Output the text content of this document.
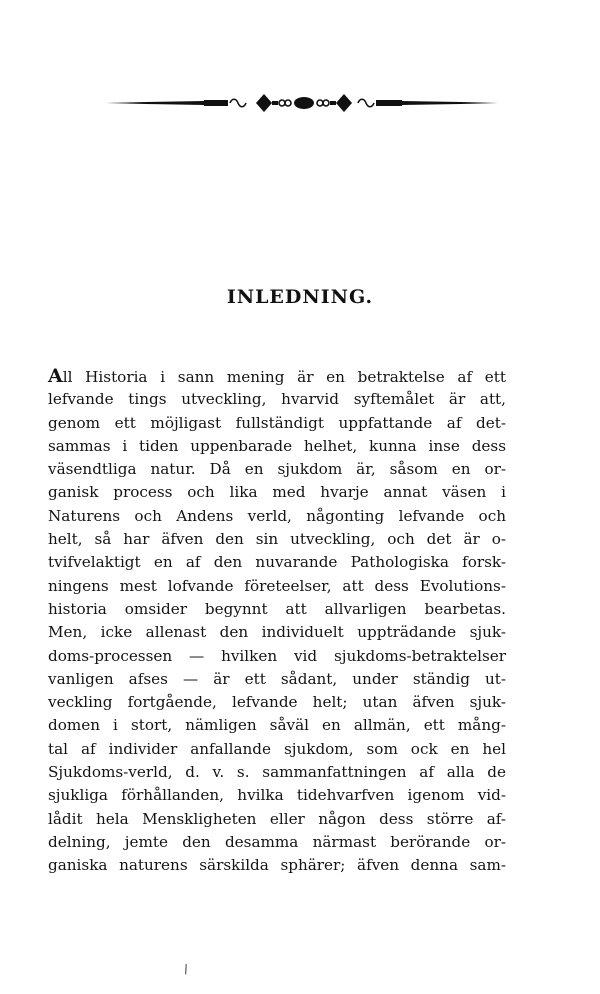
INLEDNING.
All Historia i sann mening är en betraktelse af ett
lefvande tings utveckling, hvarvid syftemålet är att,
genom ett möjligast fullständigt uppfattande af det-
sammas i tiden uppenbarade helhet, kunna inse dess
väsendtliga natur. Då en sjukdom är, såsom en or-
ganisk process och lika med hvarje annat väsen i
Naturens och Andens verld, någonting lefvande och
helt, så har äfven den sin utveckling, och det är o-
tvifvelaktigt en af den nuvarande Pathologiska forsk-
ningens mest lofvande företeelser, att dess Evolutions-
historia omsider begynnt att allvarligen bearbetas.
Men, icke allenast den individuelt uppträdande sjuk-
doms-processen — hvilken vid sjukdoms-betraktelser
vanligen afses — är ett sådant, under ständig ut-
veckling fortgående, lefvande helt; utan äfven sjuk-
domen i stort, nämligen såväl en allmän, ett mång-
tal af individer anfallande sjukdom, som ock en hel
Sjukdoms-verld, d. v. s. sammanfattningen af alla de
sjukliga förhållanden, hvilka tidehvarfven igenom vid-
lådit hela Menskligheten eller någon dess större af-
delning, jemte den desamma närmast berörande or-
ganiska naturens särskilda sphärer; äfven denna sam-
\
